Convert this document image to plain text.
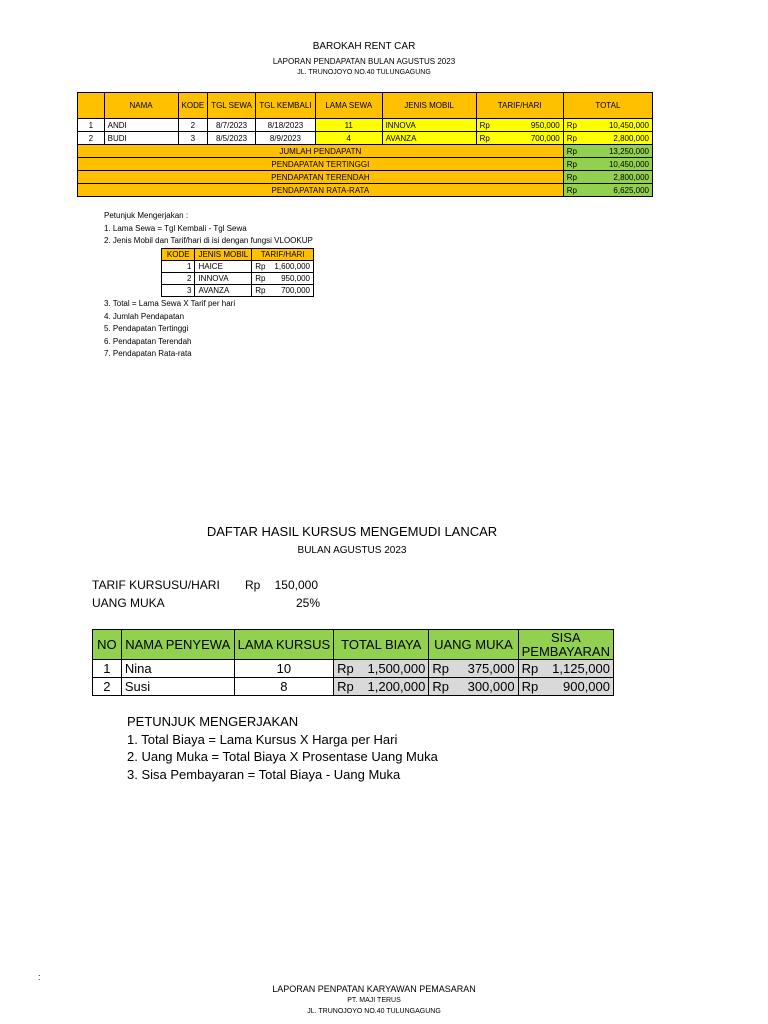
BAROKAH RENT CAR
LAPORAN PENDAPATAN BULAN AGUSTUS 2023
JL. TRUNOJOYO NO.40 TULUNGAGUNG
	NAMA	KODE	TGL SEWA	TGL KEMBALI	LAMA SEWA	JENIS MOBIL	TARIF/HARI	TOTAL
1	ANDI	2	8/7/2023	8/18/2023	11	INNOVA	Rp 950,000	Rp 10,450,000

2	BUDI	3	8/5/2023	8/9/2023	4	AVANZA	Rp 700,000	Rp 2,800,000

JUMLAH PENDAPATN								Rp 13,250,000

PENDAPATAN TERTINGGI								Rp 10,450,000

PENDAPATAN TERENDAH								Rp 2,800,000

PENDAPATAN RATA-RATA								Rp 6,625,000
Petunjuk Mengerjakan :
1. Lama Sewa = Tgl Kembali - Tgl Sewa
2. Jenis Mobil dan Tarif/hari di isi dengan fungsi VLOOKUP
KODE	JENIS MOBIL	TARIF/HARI
1	HAICE	Rp 1,600,000

2	INNOVA	Rp 950,000

3	AVANZA	Rp 700,000
3. Total = Lama Sewa X Tarif per hari
4. Jumlah Pendapatan
5. Pendapatan Tertinggi
6. Pendapatan Terendah
7. Pendapatan Rata-rata
DAFTAR HASIL KURSUS MENGEMUDI LANCAR
BULAN AGUSTUS 2023
TARIF KURSUSU/HARI Rp	150,000
UANG MUKA	25%
NO	NAMA PENYEWA	LAMA KURSUS	TOTAL BIAYA	UANG MUKA	SISA PEMBAYARAN
1	Nina	10	Rp 1,500,000	Rp 375,000	Rp 1,125,000

2	Susi	8	Rp 1,200,000	Rp 300,000	Rp 900,000
PETUNJUK MENGERJAKAN
1. Total Biaya = Lama Kursus X Harga per Hari
2. Uang Muka = Total Biaya X Prosentase Uang Muka
3. Sisa Pembayaran = Total Biaya - Uang Muka
:
LAPORAN PENPATAN KARYAWAN PEMASARAN
PT. MAJI TERUS
JL. TRUNOJOYO NO.40 TULUNGAGUNG
